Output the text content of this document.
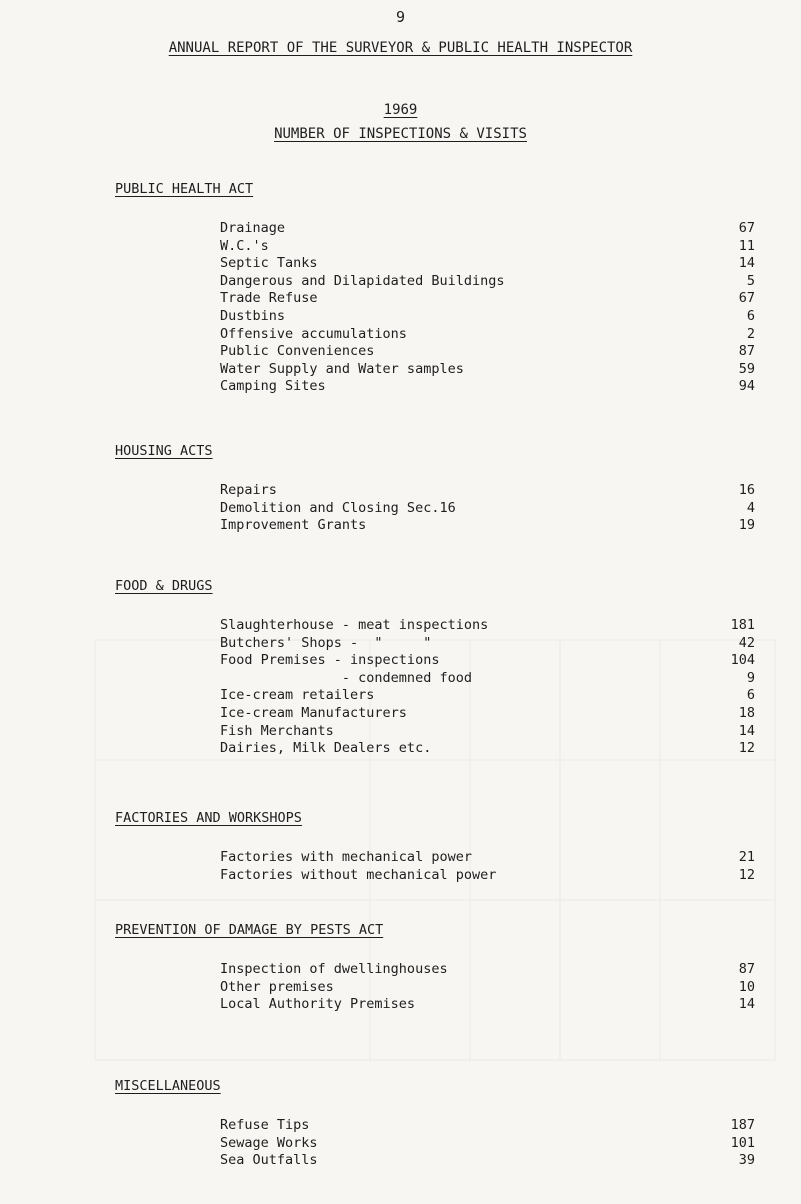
9
ANNUAL REPORT OF THE SURVEYOR & PUBLIC HEALTH INSPECTOR
1969
NUMBER OF INSPECTIONS & VISITS
PUBLIC HEALTH ACT
Drainage	67
W.C.'s	11
Septic Tanks	14
Dangerous and Dilapidated Buildings	5
Trade Refuse	67
Dustbins	6
Offensive accumulations	2
Public Conveniences	87
Water Supply and Water samples	59
Camping Sites	94
HOUSING ACTS
Repairs	16
Demolition and Closing Sec.16	4
Improvement Grants	19
FOOD & DRUGS
Slaughterhouse - meat inspections	181
Butchers' Shops -  "     "	42
Food Premises - inspections	104
- condemned food	9
Ice-cream retailers	6
Ice-cream Manufacturers	18
Fish Merchants	14
Dairies, Milk Dealers etc.	12
FACTORIES AND WORKSHOPS
Factories with mechanical power	21
Factories without mechanical power	12
PREVENTION OF DAMAGE BY PESTS ACT
Inspection of dwellinghouses	87
Other premises	10
Local Authority Premises	14
MISCELLANEOUS
Refuse Tips	187
Sewage Works	101
Sea Outfalls	39
